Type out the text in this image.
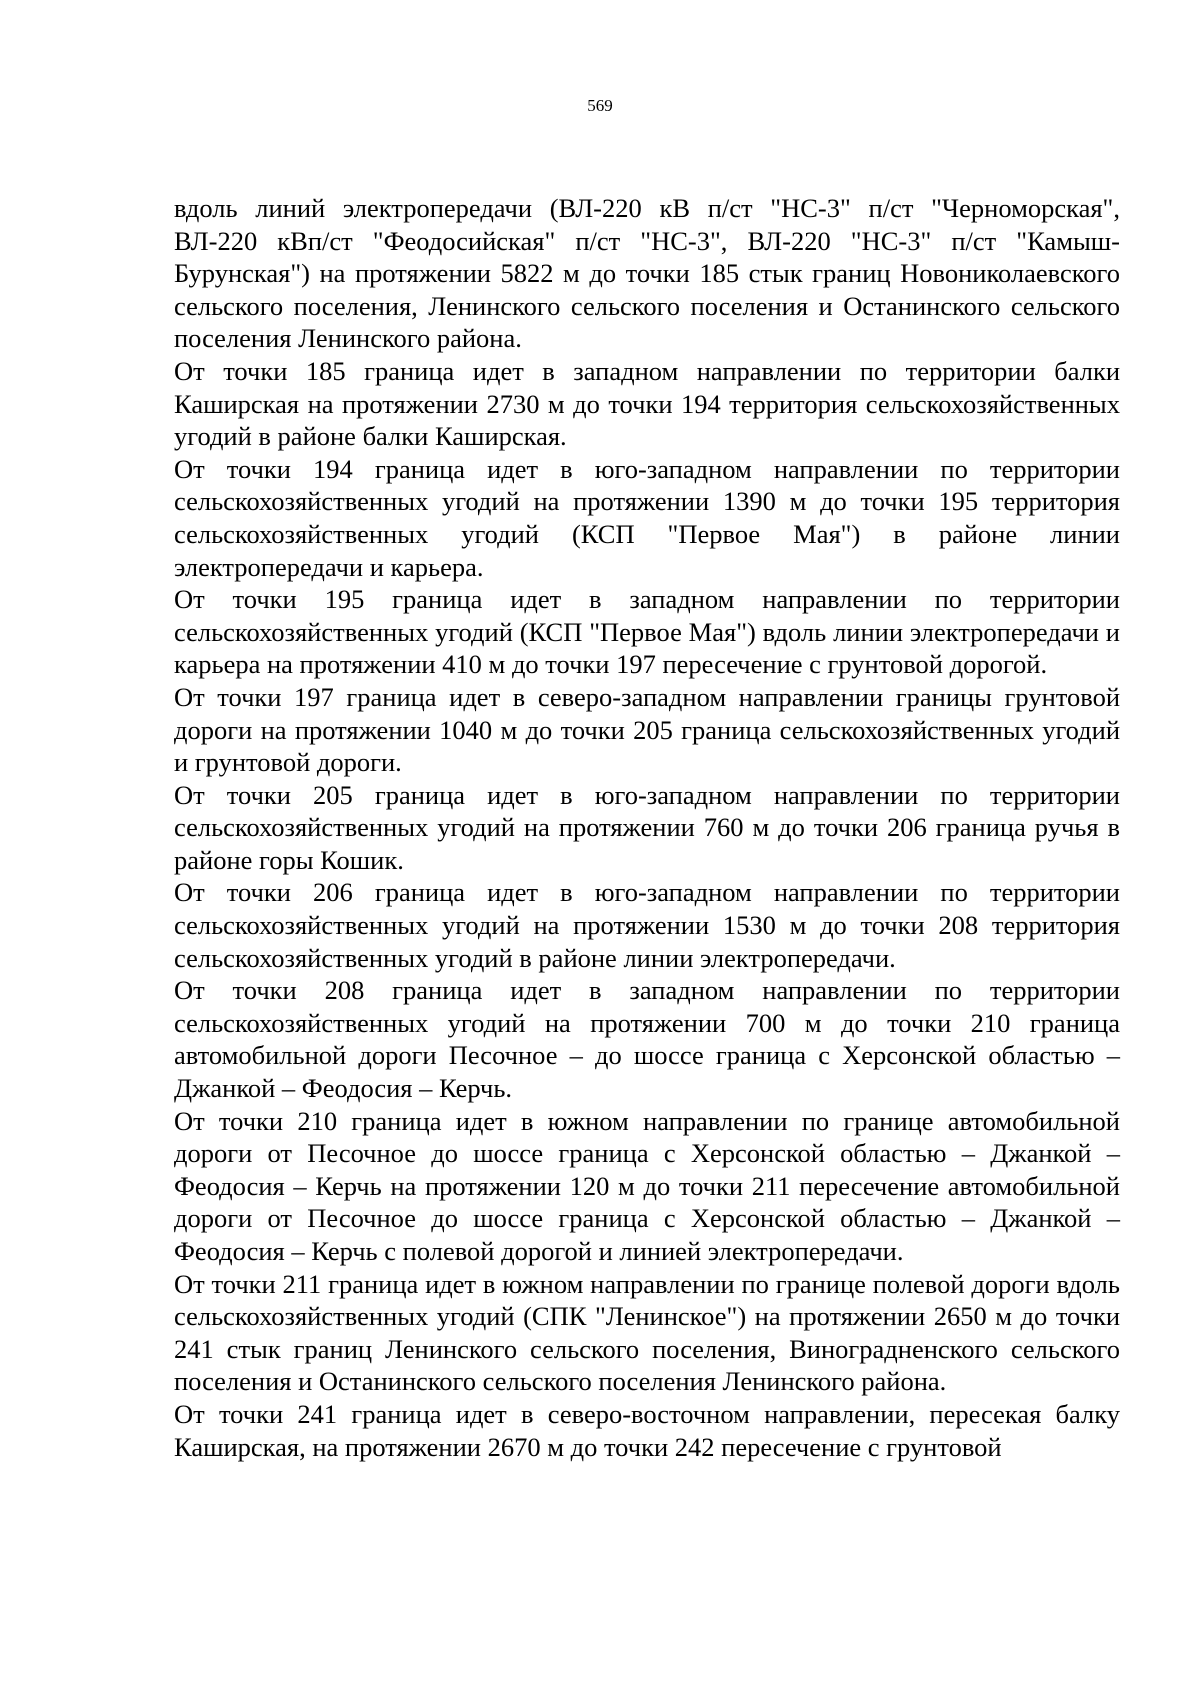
569

вдоль линий электропередачи (ВЛ-220 кВ п/ст "НС-3" п/ст "Черноморская", ВЛ-220 кВп/ст "Феодосийская" п/ст "НС-3", ВЛ-220 "НС-3" п/ст "Камыш-Бурунская") на протяжении 5822 м до точки 185 стык границ Новониколаевского сельского поселения, Ленинского сельского поселения и Останинского сельского поселения Ленинского района.

От точки 185 граница идет в западном направлении по территории балки Каширская на протяжении 2730 м до точки 194 территория сельскохозяйственных угодий в районе балки Каширская.

От точки 194 граница идет в юго-западном направлении по территории сельскохозяйственных угодий на протяжении 1390 м до точки 195 территория сельскохозяйственных угодий (КСП "Первое Мая") в районе линии электропередачи и карьера.

От точки 195 граница идет в западном направлении по территории сельскохозяйственных угодий (КСП "Первое Мая") вдоль линии электропередачи и карьера на протяжении 410 м до точки 197 пересечение с грунтовой дорогой.

От точки 197 граница идет в северо-западном направлении границы грунтовой дороги на протяжении 1040 м до точки 205 граница сельскохозяйственных угодий и грунтовой дороги.

От точки 205 граница идет в юго-западном направлении по территории сельскохозяйственных угодий на протяжении 760 м до точки 206 граница ручья в районе горы Кошик.

От точки 206 граница идет в юго-западном направлении по территории сельскохозяйственных угодий на протяжении 1530 м до точки 208 территория сельскохозяйственных угодий в районе линии электропередачи.

От точки 208 граница идет в западном направлении по территории сельскохозяйственных угодий на протяжении 700 м до точки 210 граница автомобильной дороги Песочное – до шоссе граница с Херсонской областью – Джанкой – Феодосия – Керчь.

От точки 210 граница идет в южном направлении по границе автомобильной дороги от Песочное до шоссе граница с Херсонской областью – Джанкой – Феодосия – Керчь на протяжении 120 м до точки 211 пересечение автомобильной дороги от Песочное до шоссе граница с Херсонской областью – Джанкой – Феодосия – Керчь с полевой дорогой и линией электропередачи.

От точки 211 граница идет в южном направлении по границе полевой дороги вдоль сельскохозяйственных угодий (СПК "Ленинское") на протяжении 2650 м до точки 241 стык границ Ленинского сельского поселения, Виноградненского сельского поселения и Останинского сельского поселения Ленинского района.

От точки 241 граница идет в северо-восточном направлении, пересекая балку Каширская, на протяжении 2670 м до точки 242 пересечение с грунтовой
